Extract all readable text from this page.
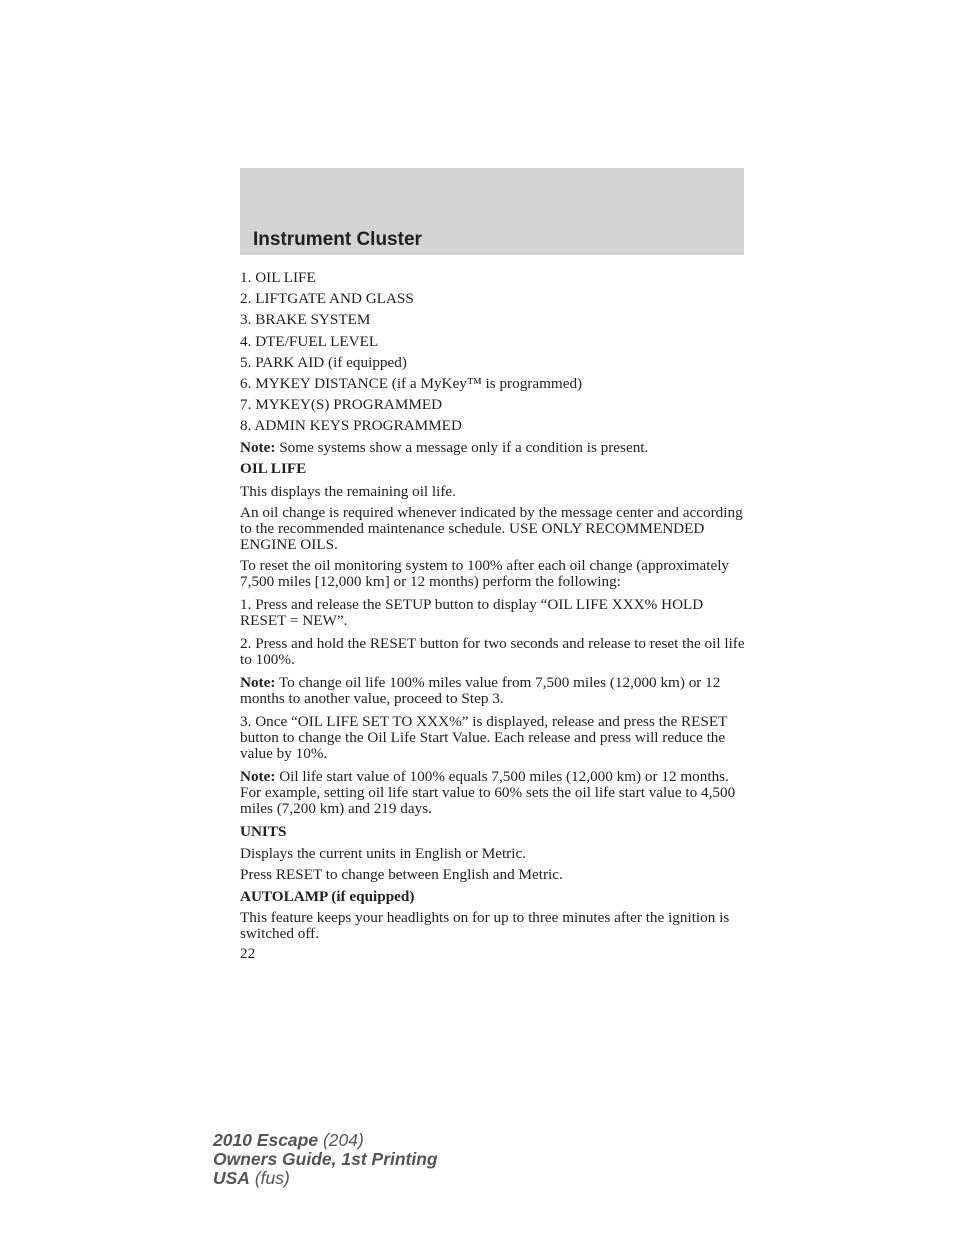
Instrument Cluster

1. OIL LIFE

2. LIFTGATE AND GLASS

3. BRAKE SYSTEM

4. DTE/FUEL LEVEL

5. PARK AID (if equipped)

6. MYKEY DISTANCE (if a MyKey™ is programmed)

7. MYKEY(S) PROGRAMMED

8. ADMIN KEYS PROGRAMMED

Note: Some systems show a message only if a condition is present.

OIL LIFE

This displays the remaining oil life.

An oil change is required whenever indicated by the message center and according to the recommended maintenance schedule. USE ONLY RECOMMENDED ENGINE OILS.

To reset the oil monitoring system to 100% after each oil change (approximately 7,500 miles [12,000 km] or 12 months) perform the following:

1. Press and release the SETUP button to display “OIL LIFE XXX% HOLD RESET = NEW”.

2. Press and hold the RESET button for two seconds and release to reset the oil life to 100%.

Note: To change oil life 100% miles value from 7,500 miles (12,000 km) or 12 months to another value, proceed to Step 3.

3. Once “OIL LIFE SET TO XXX%” is displayed, release and press the RESET button to change the Oil Life Start Value. Each release and press will reduce the value by 10%.

Note: Oil life start value of 100% equals 7,500 miles (12,000 km) or 12 months. For example, setting oil life start value to 60% sets the oil life start value to 4,500 miles (7,200 km) and 219 days.

UNITS

Displays the current units in English or Metric.

Press RESET to change between English and Metric.

AUTOLAMP (if equipped)

This feature keeps your headlights on for up to three minutes after the ignition is switched off.

22

2010 Escape (204)
Owners Guide, 1st Printing
USA (fus)
